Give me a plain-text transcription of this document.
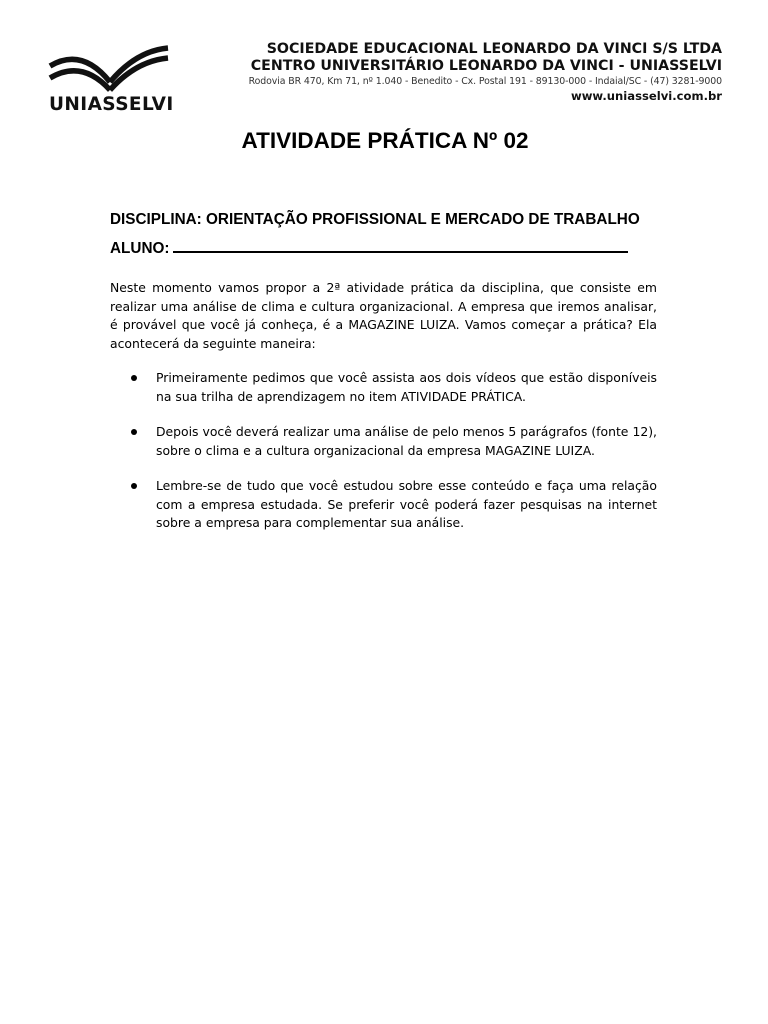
UNIASSELVI
SOCIEDADE EDUCACIONAL LEONARDO DA VINCI S/S LTDA
CENTRO UNIVERSITÁRIO LEONARDO DA VINCI - UNIASSELVI
Rodovia BR 470, Km 71, nº 1.040 - Benedito - Cx. Postal 191 - 89130-000 - Indaial/SC - (47) 3281-9000
www.uniasselvi.com.br
ATIVIDADE PRÁTICA Nº 02
DISCIPLINA: ORIENTAÇÃO PROFISSIONAL E MERCADO DE TRABALHO
ALUNO:

Neste momento vamos propor a 2ª atividade prática da disciplina, que consiste em realizar uma análise de clima e cultura organizacional. A empresa que iremos analisar, é provável que você já conheça, é a MAGAZINE LUIZA. Vamos começar a prática? Ela acontecerá da seguinte maneira:

Primeiramente pedimos que você assista aos dois vídeos que estão disponíveis na sua trilha de aprendizagem no item ATIVIDADE PRÁTICA.
Depois você deverá realizar uma análise de pelo menos 5 parágrafos (fonte 12), sobre o clima e a cultura organizacional da empresa MAGAZINE LUIZA.
Lembre-se de tudo que você estudou sobre esse conteúdo e faça uma relação com a empresa estudada. Se preferir você poderá fazer pesquisas na internet sobre a empresa para complementar sua análise.
